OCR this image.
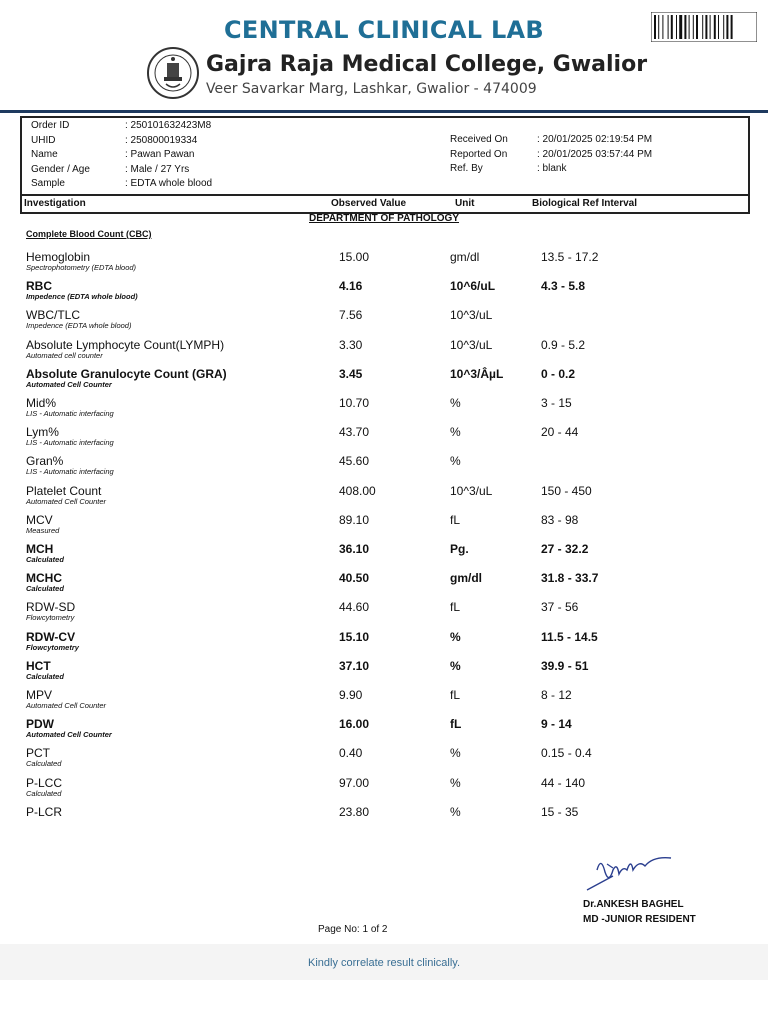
CENTRAL CLINICAL LAB
Gajra Raja Medical College, Gwalior
Veer Savarkar Marg, Lashkar, Gwalior - 474009
Order ID	: 250101632423M8
UHID	: 250800019334
Name	: Pawan Pawan
Gender / Age	: Male / 27 Yrs
Sample	: EDTA whole blood
Received On	: 20/01/2025 02:19:54 PM
Reported On	: 20/01/2025 03:57:44 PM
Ref. By	: blank
Investigation	Observed Value	Unit	Biological Ref Interval
DEPARTMENT OF PATHOLOGY
Complete Blood Count (CBC)
Hemoglobin
Spectrophotometry (EDTA blood)
15.00	gm/dl	13.5 - 17.2
RBC
Impedence (EDTA whole blood)
4.16	10^6/uL	4.3 - 5.8
WBC/TLC
Impedence (EDTA whole blood)
7.56	10^3/uL
Absolute Lymphocyte Count(LYMPH)
Automated cell counter
3.30	10^3/uL	0.9 - 5.2
Absolute Granulocyte Count (GRA)
Automated Cell Counter
3.45	10^3/ÂµL	0 - 0.2
Mid%
LIS - Automatic interfacing
10.70	%	3 - 15
Lym%
LIS - Automatic interfacing
43.70	%	20 - 44
Gran%
LIS - Automatic interfacing
45.60	%
Platelet Count
Automated Cell Counter
408.00	10^3/uL	150 - 450
MCV
Measured
89.10	fL	83 - 98
MCH
Calculated
36.10	Pg.	27 - 32.2
MCHC
Calculated
40.50	gm/dl	31.8 - 33.7
RDW-SD
Flowcytometry
44.60	fL	37 - 56
RDW-CV
Flowcytometry
15.10	%	11.5 - 14.5
HCT
Calculated
37.10	%	39.9 - 51
MPV
Automated Cell Counter
9.90	fL	8 - 12
PDW
Automated Cell Counter
16.00	fL	9 - 14
PCT
Calculated
0.40	%	0.15 - 0.4
P-LCC
Calculated
97.00	%	44 - 140
P-LCR	23.80	%	15 - 35
Dr.ANKESH BAGHEL
MD -JUNIOR RESIDENT
Page No: 1 of 2
Kindly correlate result clinically.
